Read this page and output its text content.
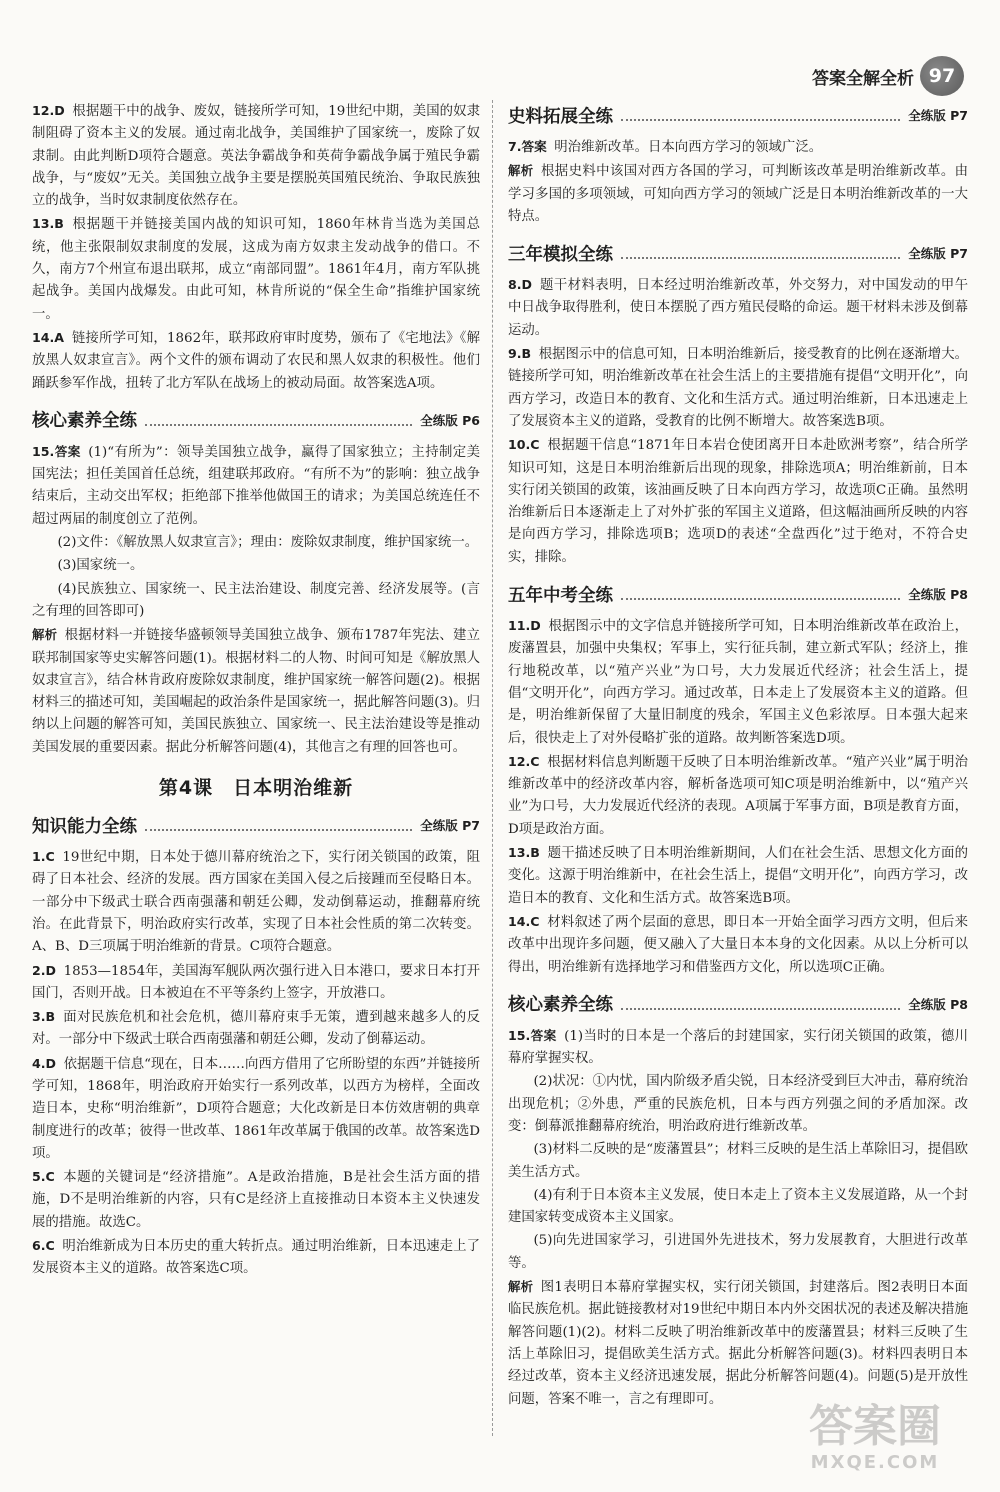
答案全解全析 97

12.D 根据题干中的战争、废奴，链接所学可知，19世纪中期，美国的奴隶制阻碍了资本主义的发展。通过南北战争，美国维护了国家统一，废除了奴隶制。由此判断D项符合题意。英法争霸战争和英荷争霸战争属于殖民争霸战争，与“废奴”无关。美国独立战争主要是摆脱英国殖民统治、争取民族独立的战争，当时奴隶制度依然存在。

13.B 根据题干并链接美国内战的知识可知，1860年林肯当选为美国总统，他主张限制奴隶制度的发展，这成为南方奴隶主发动战争的借口。不久，南方7个州宣布退出联邦，成立“南部同盟”。1861年4月，南方军队挑起战争。美国内战爆发。由此可知，林肯所说的“保全生命”指维护国家统一。

14.A 链接所学可知，1862年，联邦政府审时度势，颁布了《宅地法》《解放黑人奴隶宣言》。两个文件的颁布调动了农民和黑人奴隶的积极性。他们踊跃参军作战，扭转了北方军队在战场上的被动局面。故答案选A项。

核心素养全练	全练版 P6

15.答案 (1)“有所为”：领导美国独立战争，赢得了国家独立；主持制定美国宪法；担任美国首任总统，组建联邦政府。“有所不为”的影响：独立战争结束后，主动交出军权；拒绝部下推举他做国王的请求；为美国总统连任不超过两届的制度创立了范例。

(2)文件：《解放黑人奴隶宣言》；理由：废除奴隶制度，维护国家统一。

(3)国家统一。

(4)民族独立、国家统一、民主法治建设、制度完善、经济发展等。(言之有理的回答即可)

解析 根据材料一并链接华盛顿领导美国独立战争、颁布1787年宪法、建立联邦制国家等史实解答问题(1)。根据材料二的人物、时间可知是《解放黑人奴隶宣言》，结合林肯政府废除奴隶制度，维护国家统一解答问题(2)。根据材料三的描述可知，美国崛起的政治条件是国家统一，据此解答问题(3)。归纳以上问题的解答可知，美国民族独立、国家统一、民主法治建设等是推动美国发展的重要因素。据此分析解答问题(4)，其他言之有理的回答也可。

第4课　日本明治维新
知识能力全练	全练版 P7

1.C 19世纪中期，日本处于德川幕府统治之下，实行闭关锁国的政策，阻碍了日本社会、经济的发展。西方国家在美国入侵之后接踵而至侵略日本。一部分中下级武士联合西南强藩和朝廷公卿，发动倒幕运动，推翻幕府统治。在此背景下，明治政府实行改革，实现了日本社会性质的第二次转变。A、B、D三项属于明治维新的背景。C项符合题意。

2.D 1853—1854年，美国海军舰队两次强行进入日本港口，要求日本打开国门，否则开战。日本被迫在不平等条约上签字，开放港口。

3.B 面对民族危机和社会危机，德川幕府束手无策，遭到越来越多人的反对。一部分中下级武士联合西南强藩和朝廷公卿，发动了倒幕运动。

4.D 依据题干信息“现在，日本……向西方借用了它所盼望的东西”并链接所学可知，1868年，明治政府开始实行一系列改革，以西方为榜样，全面改造日本，史称“明治维新”，D项符合题意；大化改新是日本仿效唐朝的典章制度进行的改革；彼得一世改革、1861年改革属于俄国的改革。故答案选D项。

5.C 本题的关键词是“经济措施”。A是政治措施，B是社会生活方面的措施，D不是明治维新的内容，只有C是经济上直接推动日本资本主义快速发展的措施。故选C。

6.C 明治维新成为日本历史的重大转折点。通过明治维新，日本迅速走上了发展资本主义的道路。故答案选C项。

史料拓展全练	全练版 P7

7.答案 明治维新改革。日本向西方学习的领域广泛。

解析 根据史料中该国对西方各国的学习，可判断该改革是明治维新改革。由学习多国的多项领域，可知向西方学习的领域广泛是日本明治维新改革的一大特点。

三年模拟全练	全练版 P7

8.D 题干材料表明，日本经过明治维新改革，外交努力，对中国发动的甲午中日战争取得胜利，使日本摆脱了西方殖民侵略的命运。题干材料未涉及倒幕运动。

9.B 根据图示中的信息可知，日本明治维新后，接受教育的比例在逐渐增大。链接所学可知，明治维新改革在社会生活上的主要措施有提倡“文明开化”，向西方学习，改造日本的教育、文化和生活方式。通过明治维新，日本迅速走上了发展资本主义的道路，受教育的比例不断增大。故答案选B项。

10.C 根据题干信息“1871年日本岩仓使团离开日本赴欧洲考察”，结合所学知识可知，这是日本明治维新后出现的现象，排除选项A；明治维新前，日本实行闭关锁国的政策，该油画反映了日本向西方学习，故选项C正确。虽然明治维新后日本逐渐走上了对外扩张的军国主义道路，但这幅油画所反映的内容是向西方学习，排除选项B；选项D的表述“全盘西化”过于绝对，不符合史实，排除。

五年中考全练	全练版 P8

11.D 根据图示中的文字信息并链接所学可知，日本明治维新改革在政治上，废藩置县，加强中央集权；军事上，实行征兵制，建立新式军队；经济上，推行地税改革，以“殖产兴业”为口号，大力发展近代经济；社会生活上，提倡“文明开化”，向西方学习。通过改革，日本走上了发展资本主义的道路。但是，明治维新保留了大量旧制度的残余，军国主义色彩浓厚。日本强大起来后，很快走上了对外侵略扩张的道路。故判断答案选D项。

12.C 根据材料信息判断题干反映了日本明治维新改革。“殖产兴业”属于明治维新改革中的经济改革内容，解析备选项可知C项是明治维新中，以“殖产兴业”为口号，大力发展近代经济的表现。A项属于军事方面，B项是教育方面，D项是政治方面。

13.B 题干描述反映了日本明治维新期间，人们在社会生活、思想文化方面的变化。这源于明治维新中，在社会生活上，提倡“文明开化”，向西方学习，改造日本的教育、文化和生活方式。故答案选B项。

14.C 材料叙述了两个层面的意思，即日本一开始全面学习西方文明，但后来改革中出现许多问题，便又融入了大量日本本身的文化因素。从以上分析可以得出，明治维新有选择地学习和借鉴西方文化，所以选项C正确。

核心素养全练	全练版 P8

15.答案 (1)当时的日本是一个落后的封建国家，实行闭关锁国的政策，德川幕府掌握实权。

(2)状况：①内忧，国内阶级矛盾尖锐，日本经济受到巨大冲击，幕府统治出现危机；②外患，严重的民族危机，日本与西方列强之间的矛盾加深。改变：倒幕派推翻幕府统治，明治政府进行维新改革。

(3)材料二反映的是“废藩置县”；材料三反映的是生活上革除旧习，提倡欧美生活方式。

(4)有利于日本资本主义发展，使日本走上了资本主义发展道路，从一个封建国家转变成资本主义国家。

(5)向先进国家学习，引进国外先进技术，努力发展教育，大胆进行改革等。

解析 图1表明日本幕府掌握实权，实行闭关锁国，封建落后。图2表明日本面临民族危机。据此链接教材对19世纪中期日本内外交困状况的表述及解决措施解答问题(1)(2)。材料二反映了明治维新改革中的废藩置县；材料三反映了生活上革除旧习，提倡欧美生活方式。据此分析解答问题(3)。材料四表明日本经过改革，资本主义经济迅速发展，据此分析解答问题(4)。问题(5)是开放性问题，答案不唯一，言之有理即可。

答案圈
MXQE.COM
